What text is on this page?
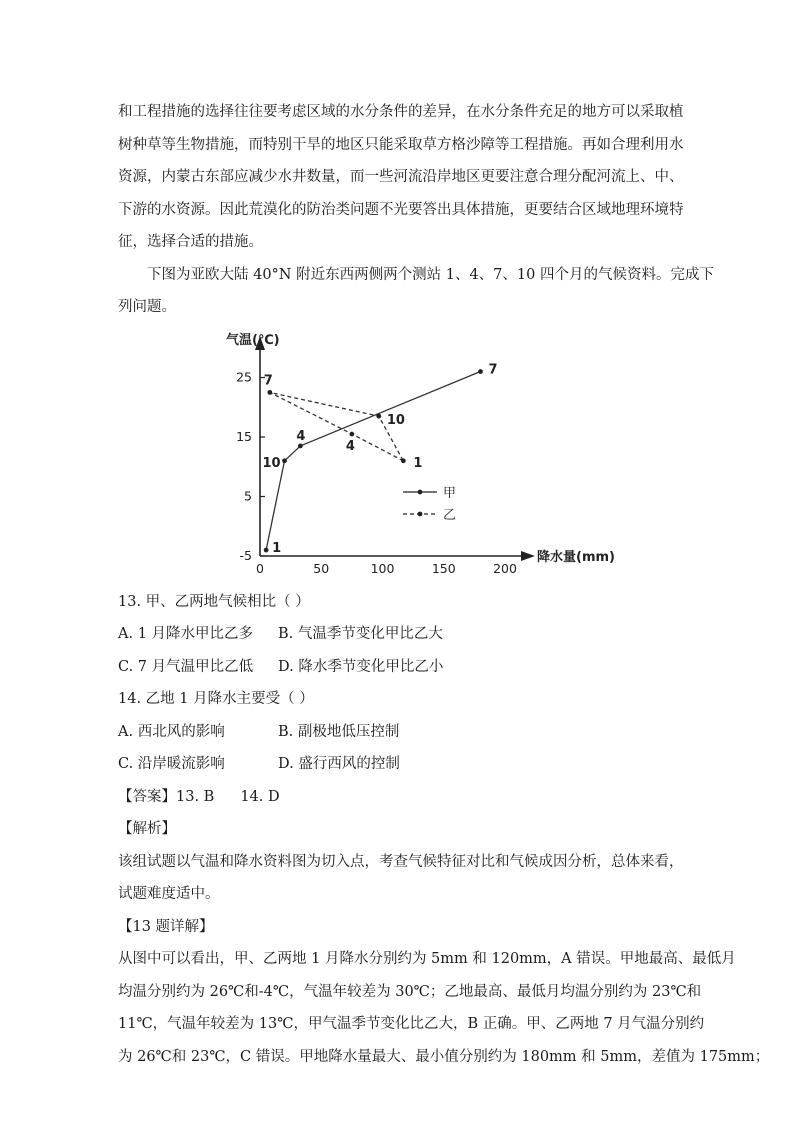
和工程措施的选择往往要考虑区域的水分条件的差异，在水分条件充足的地方可以采取植

树种草等生物措施，而特别干旱的地区只能采取草方格沙障等工程措施。再如合理利用水

资源，内蒙古东部应减少水井数量，而一些河流沿岸地区更要注意合理分配河流上、中、

下游的水资源。因此荒漠化的防治类问题不光要答出具体措施，更要结合区域地理环境特

征，选择合适的措施。

下图为亚欧大陆 40°N 附近东西两侧两个测站 1、4、7、10 四个月的气候资料。完成下

列问题。

气温(℃)
降水量(mm)
0	50	100	150	200
25
15
5
-5 1
10
4
7
1
4
7
10
甲
乙

13. 甲、乙两地气候相比（ ）

A. 1 月降水甲比乙多	B. 气温季节变化甲比乙大

C. 7 月气温甲比乙低	D. 降水季节变化甲比乙小

14. 乙地 1 月降水主要受（ ）

A. 西北风的影响	B. 副极地低压控制

C. 沿岸暖流影响	D. 盛行西风的控制

【答案】13. B 14. D

【解析】

该组试题以气温和降水资料图为切入点，考查气候特征对比和气候成因分析，总体来看，

试题难度适中。

【13 题详解】

从图中可以看出，甲、乙两地 1 月降水分别约为 5mm 和 120mm，A 错误。甲地最高、最低月

均温分别约为 26℃和-4℃，气温年较差为 30℃；乙地最高、最低月均温分别约为 23℃和

11℃，气温年较差为 13℃，甲气温季节变化比乙大，B 正确。甲、乙两地 7 月气温分别约

为 26℃和 23℃，C 错误。甲地降水量最大、最小值分别约为 180mm 和 5mm，差值为 175mm；
